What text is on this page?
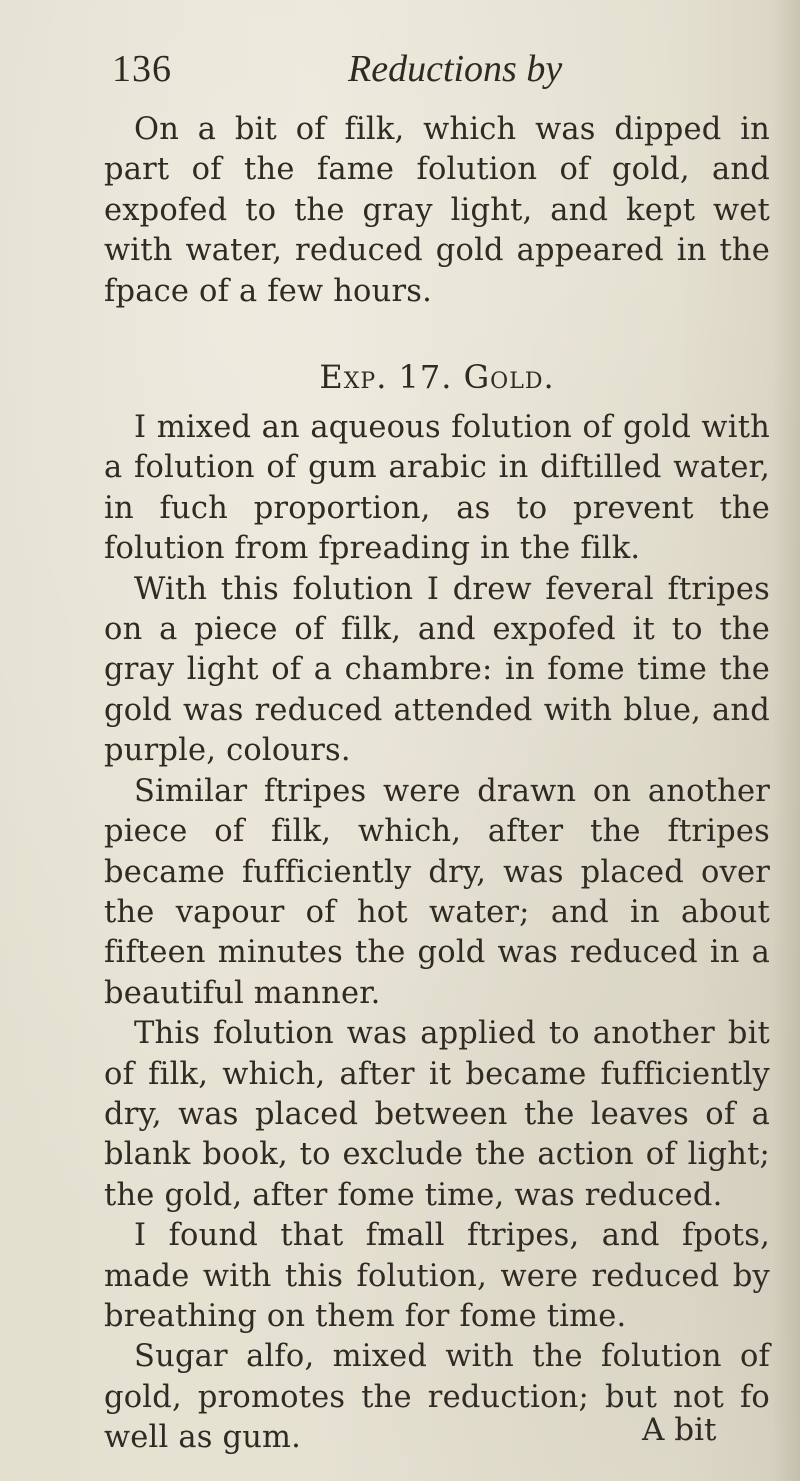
136	Reductions by

On a bit of filk, which was dipped in part of the fame folution of gold, and expofed to the gray light, and kept wet with water, reduced gold appeared in the fpace of a few hours.

Exp. 17. Gold.

I mixed an aqueous folution of gold with a folution of gum arabic in diftilled water, in fuch proportion, as to prevent the folution from fpreading in the filk.

With this folution I drew feveral ftripes on a piece of filk, and expofed it to the gray light of a chambre: in fome time the gold was reduced attended with blue, and purple, colours.

Similar ftripes were drawn on another piece of filk, which, after the ftripes became fufficiently dry, was placed over the vapour of hot water; and in about fifteen minutes the gold was reduced in a beautiful manner.

This folution was applied to another bit of filk, which, after it became fufficiently dry, was placed between the leaves of a blank book, to exclude the action of light; the gold, after fome time, was reduced.

I found that fmall ftripes, and fpots, made with this folution, were reduced by breathing on them for fome time.

Sugar alfo, mixed with the folution of gold, promotes the reduction; but not fo well as gum.	A bit
